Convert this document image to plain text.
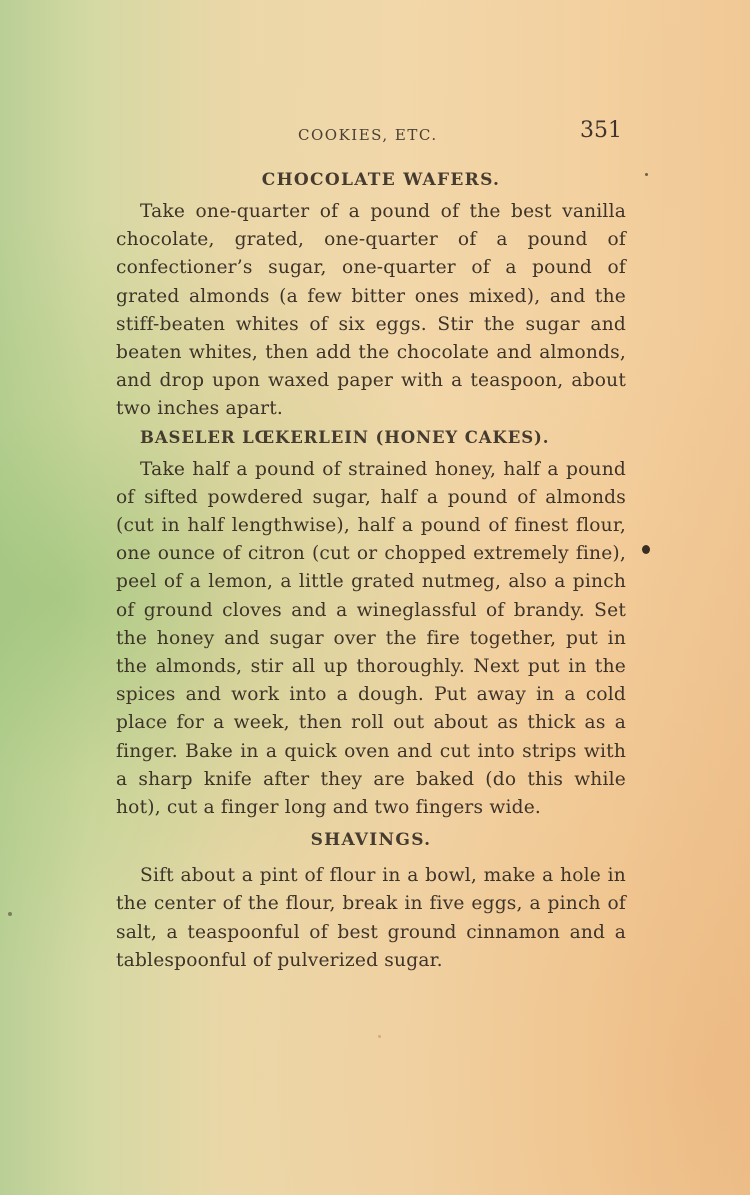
COOKIES, ETC.	351
CHOCOLATE WAFERS.

Take one-quarter of a pound of the best vanilla chocolate, grated, one-quarter of a pound of confectioner’s sugar, one-quarter of a pound of grated almonds (a few bitter ones mixed), and the stiff-beaten whites of six eggs. Stir the sugar and beaten whites, then add the chocolate and almonds, and drop upon waxed paper with a teaspoon, about two inches apart.

BASELER LŒKERLEIN (HONEY CAKES).

Take half a pound of strained honey, half a pound of sifted powdered sugar, half a pound of almonds (cut in half lengthwise), half a pound of finest flour, one ounce of citron (cut or chopped extremely fine), peel of a lemon, a little grated nutmeg, also a pinch of ground cloves and a wineglassful of brandy. Set the honey and sugar over the fire together, put in the almonds, stir all up thoroughly. Next put in the spices and work into a dough. Put away in a cold place for a week, then roll out about as thick as a finger. Bake in a quick oven and cut into strips with a sharp knife after they are baked (do this while hot), cut a finger long and two fingers wide.

SHAVINGS.

Sift about a pint of flour in a bowl, make a hole in the center of the flour, break in five eggs, a pinch of salt, a teaspoonful of best ground cinnamon and a tablespoonful of pulverized sugar.
